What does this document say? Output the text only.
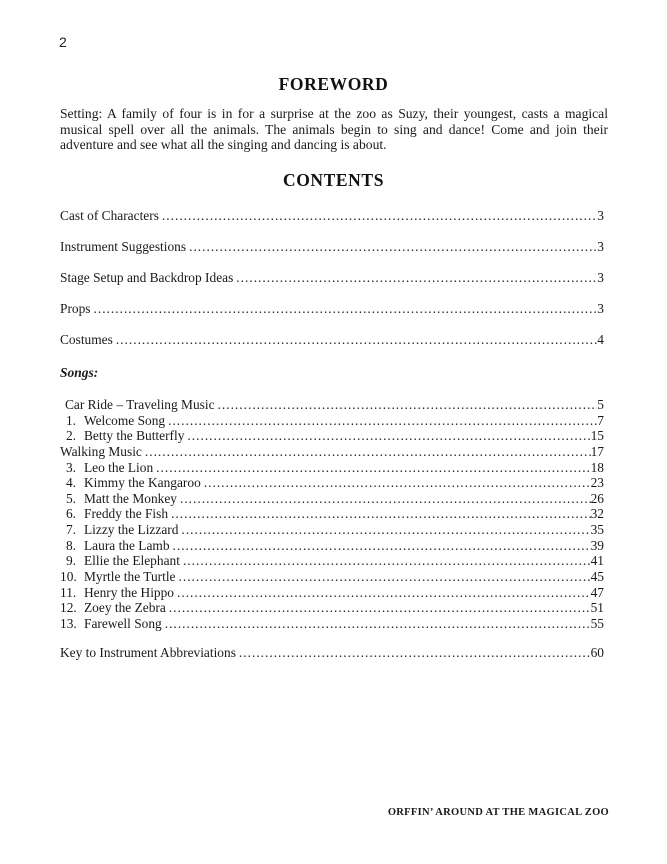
2
FOREWORD
Setting: A family of four is in for a surprise at the zoo as Suzy, their youngest, casts a magical musical spell over all the animals. The animals begin to sing and dance! Come and join their adventure and see what all the singing and dancing is about.
CONTENTS
Cast of Characters .....	3
Instrument Suggestions .....	3
Stage Setup and Backdrop Ideas .....	3
Props .....	3
Costumes .....	4
Songs:
Car Ride – Traveling Music .....	5
1. Welcome Song .....	7
2. Betty the Butterfly .....	15
Walking Music .....	17
3. Leo the Lion .....	18
4. Kimmy the Kangaroo .....	23
5. Matt the Monkey .....	26
6. Freddy the Fish .....	32
7. Lizzy the Lizzard .....	35
8. Laura the Lamb .....	39
9. Ellie the Elephant .....	41
10. Myrtle the Turtle .....	45
11. Henry the Hippo .....	47
12. Zoey the Zebra .....	51
13. Farewell Song .....	55
Key to Instrument Abbreviations .....	60
ORFFIN’ AROUND AT THE MAGICAL ZOO
